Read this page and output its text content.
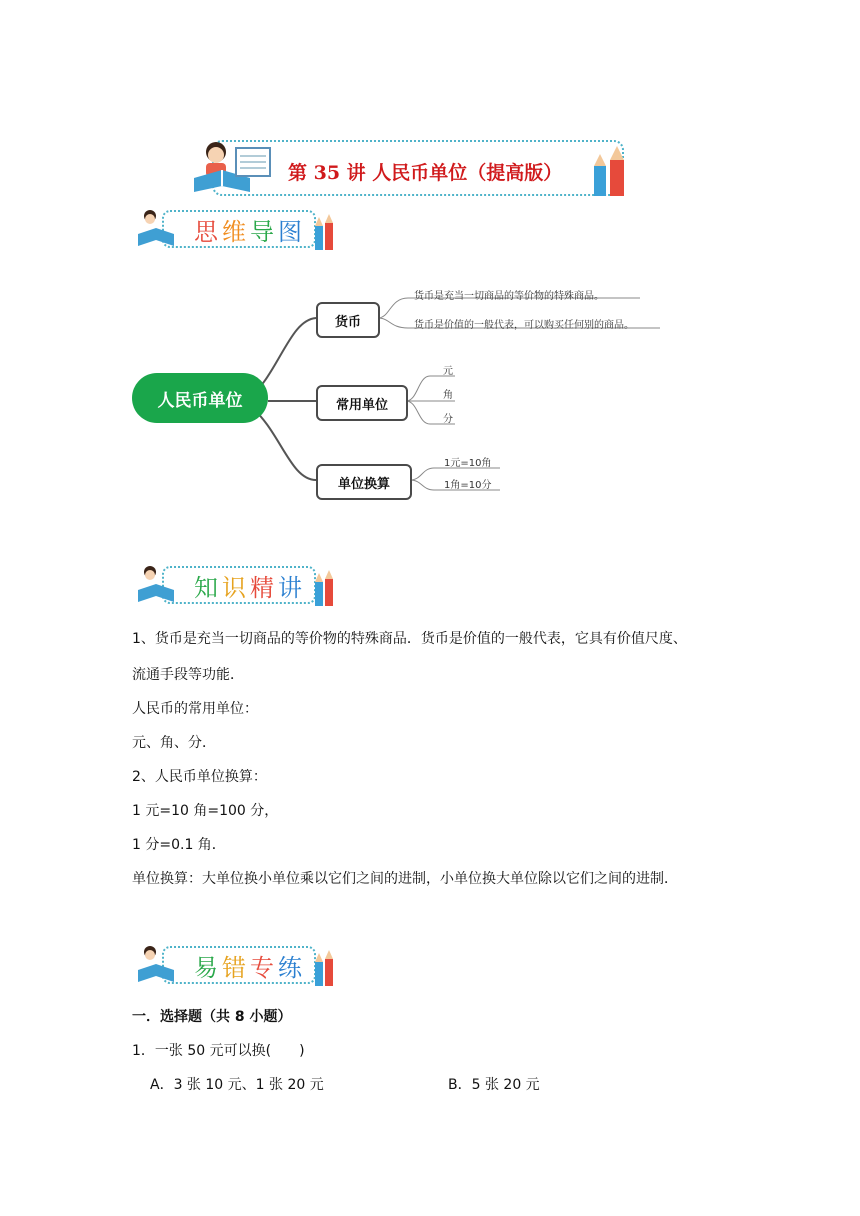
第 35 讲 人民币单位（提高版）
思维导图
人民币单位
货币
常用单位
单位换算
货币是充当一切商品的等价物的特殊商品。
货币是价值的一般代表，可以购买任何别的商品。
元
角
分
1元=10角
1角=10分
知识精讲
1、货币是充当一切商品的等价物的特殊商品．货币是价值的一般代表，它具有价值尺度、
流通手段等功能．
人民币的常用单位：
元、角、分．
2、人民币单位换算：
1 元=10 角=100 分，
1 分=0.1 角．
单位换算：大单位换小单位乘以它们之间的进制，小单位换大单位除以它们之间的进制．
易错专练
一．选择题（共 8 小题）
1．一张 50 元可以换(　　)
A．3 张 10 元、1 张 20 元	B．5 张 20 元
